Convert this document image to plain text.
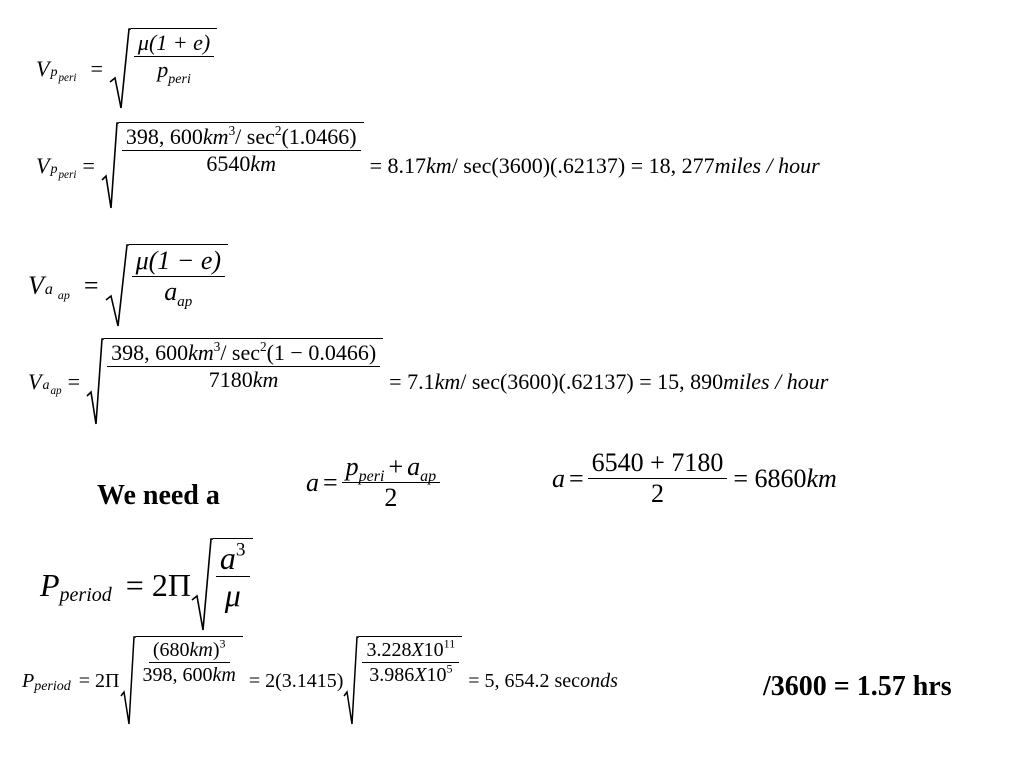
V $p_{peri} = \frac{\mu(1 + e)}{p_{peri}}$
V $p_{peri} = \frac{398, 600km^3/ \sec^2(1.0466)}{6540km} = 8.17km/$ sec(3600)(.62137) = 18, 277miles / hour
V a $_{ap} = \frac{\mu(1 - e)}{a_{ap}}$
V $a_{ap} = \frac{398, 600km^3/ \sec^2(1 - 0.0466)}{7180km} = 7.1km/$ sec(3600)(.62137) = 15, 890miles / hour
We need a	$a = \frac{p_{peri} + a_{ap}}{2}$	$a = \frac{6540 + 7180}{2} = 6860km$
P period = $2\Pi \frac{a^3}{\mu}$
P period = $2\Pi \frac{(680km)^3}{398, 600km} = 2(3.1415) \frac{3.228X10^{11}}{3.986X10^5} = 5$, 654.2 seconds	/3600 = 1.57 hrs
